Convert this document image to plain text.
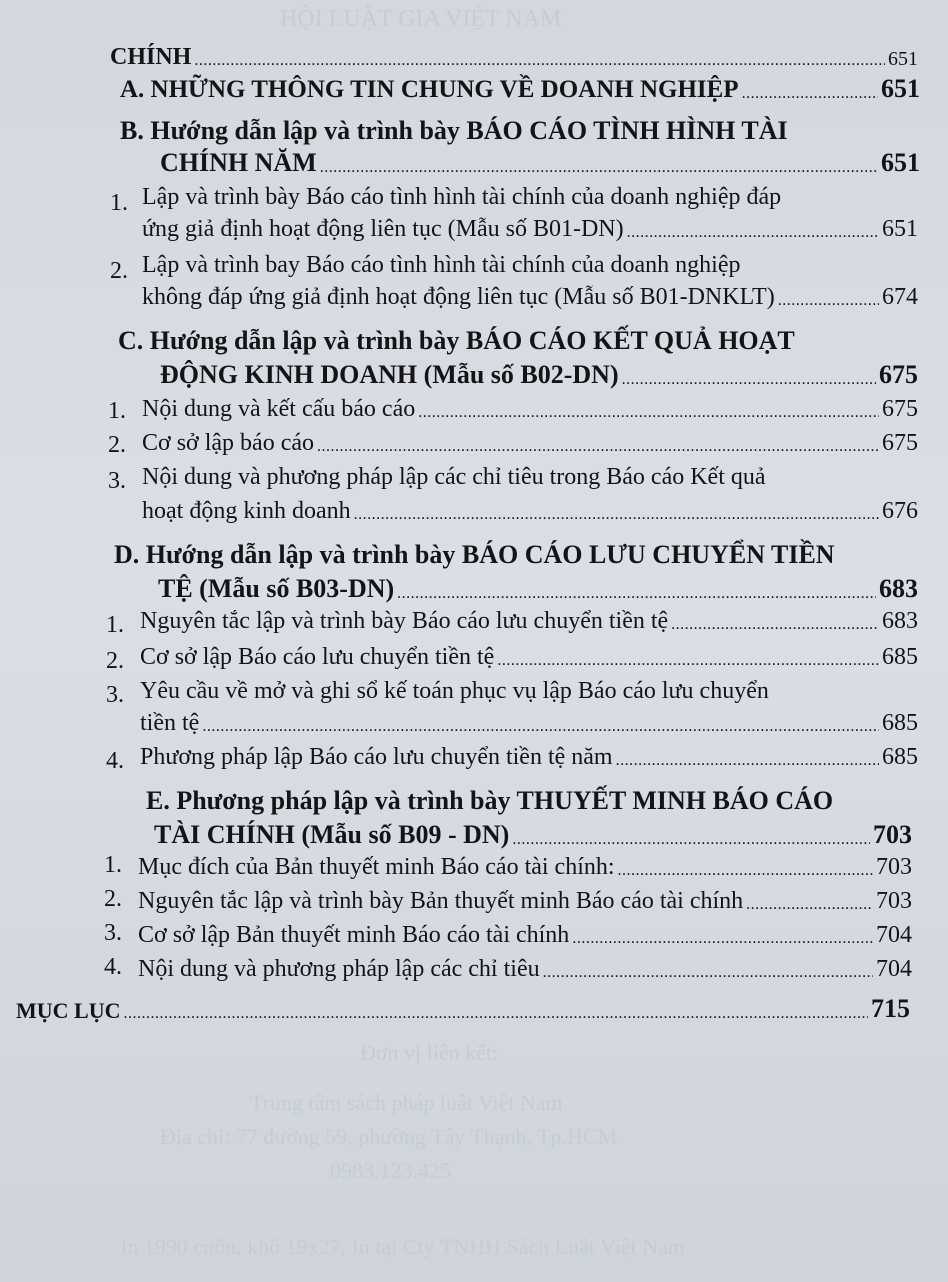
HỘI LUẬT GIA VIỆT NAM
Đơn vị liên kết:
Trung tâm sách pháp luật Việt Nam
Địa chỉ: 77 đường 59, phường Tây Thạnh, Tp.HCM
0983.123.425
In 1990 cuốn, khổ 19x27, In tại Cty TNHH Sách Luật Việt Nam
CHÍNH .....	651
A. NHỮNG THÔNG TIN CHUNG VỀ DOANH NGHIỆP .....	651
B. Hướng dẫn lập và trình bày BÁO CÁO TÌNH HÌNH TÀI
CHÍNH NĂM .....	651
1. Lập và trình bày Báo cáo tình hình tài chính của doanh nghiệp đáp
ứng giả định hoạt động liên tục (Mẫu số B01-DN) .....	651
2. Lập và trình bay Báo cáo tình hình tài chính của doanh nghiệp
không đáp ứng giả định hoạt động liên tục (Mẫu số B01-DNKLT) .....	674
C. Hướng dẫn lập và trình bày BÁO CÁO KẾT QUẢ HOẠT
ĐỘNG KINH DOANH (Mẫu số B02-DN) .....	675
1. Nội dung và kết cấu báo cáo .....	675
2. Cơ sở lập báo cáo .....	675
3. Nội dung và phương pháp lập các chỉ tiêu trong Báo cáo Kết quả
hoạt động kinh doanh .....	676
D. Hướng dẫn lập và trình bày BÁO CÁO LƯU CHUYỂN TIỀN
TỆ (Mẫu số B03-DN) .....	683
1. Nguyên tắc lập và trình bày Báo cáo lưu chuyển tiền tệ .....	683
2. Cơ sở lập Báo cáo lưu chuyển tiền tệ .....	685
3. Yêu cầu về mở và ghi sổ kế toán phục vụ lập Báo cáo lưu chuyển
tiền tệ .....	685
4. Phương pháp lập Báo cáo lưu chuyển tiền tệ năm .....	685
E. Phương pháp lập và trình bày THUYẾT MINH BÁO CÁO
TÀI CHÍNH (Mẫu số B09 - DN) .....	703
1. Mục đích của Bản thuyết minh Báo cáo tài chính: .....	703
2. Nguyên tắc lập và trình bày Bản thuyết minh Báo cáo tài chính .....	703
3. Cơ sở lập Bản thuyết minh Báo cáo tài chính .....	704
4. Nội dung và phương pháp lập các chỉ tiêu .....	704
MỤC LỤC .....	715
